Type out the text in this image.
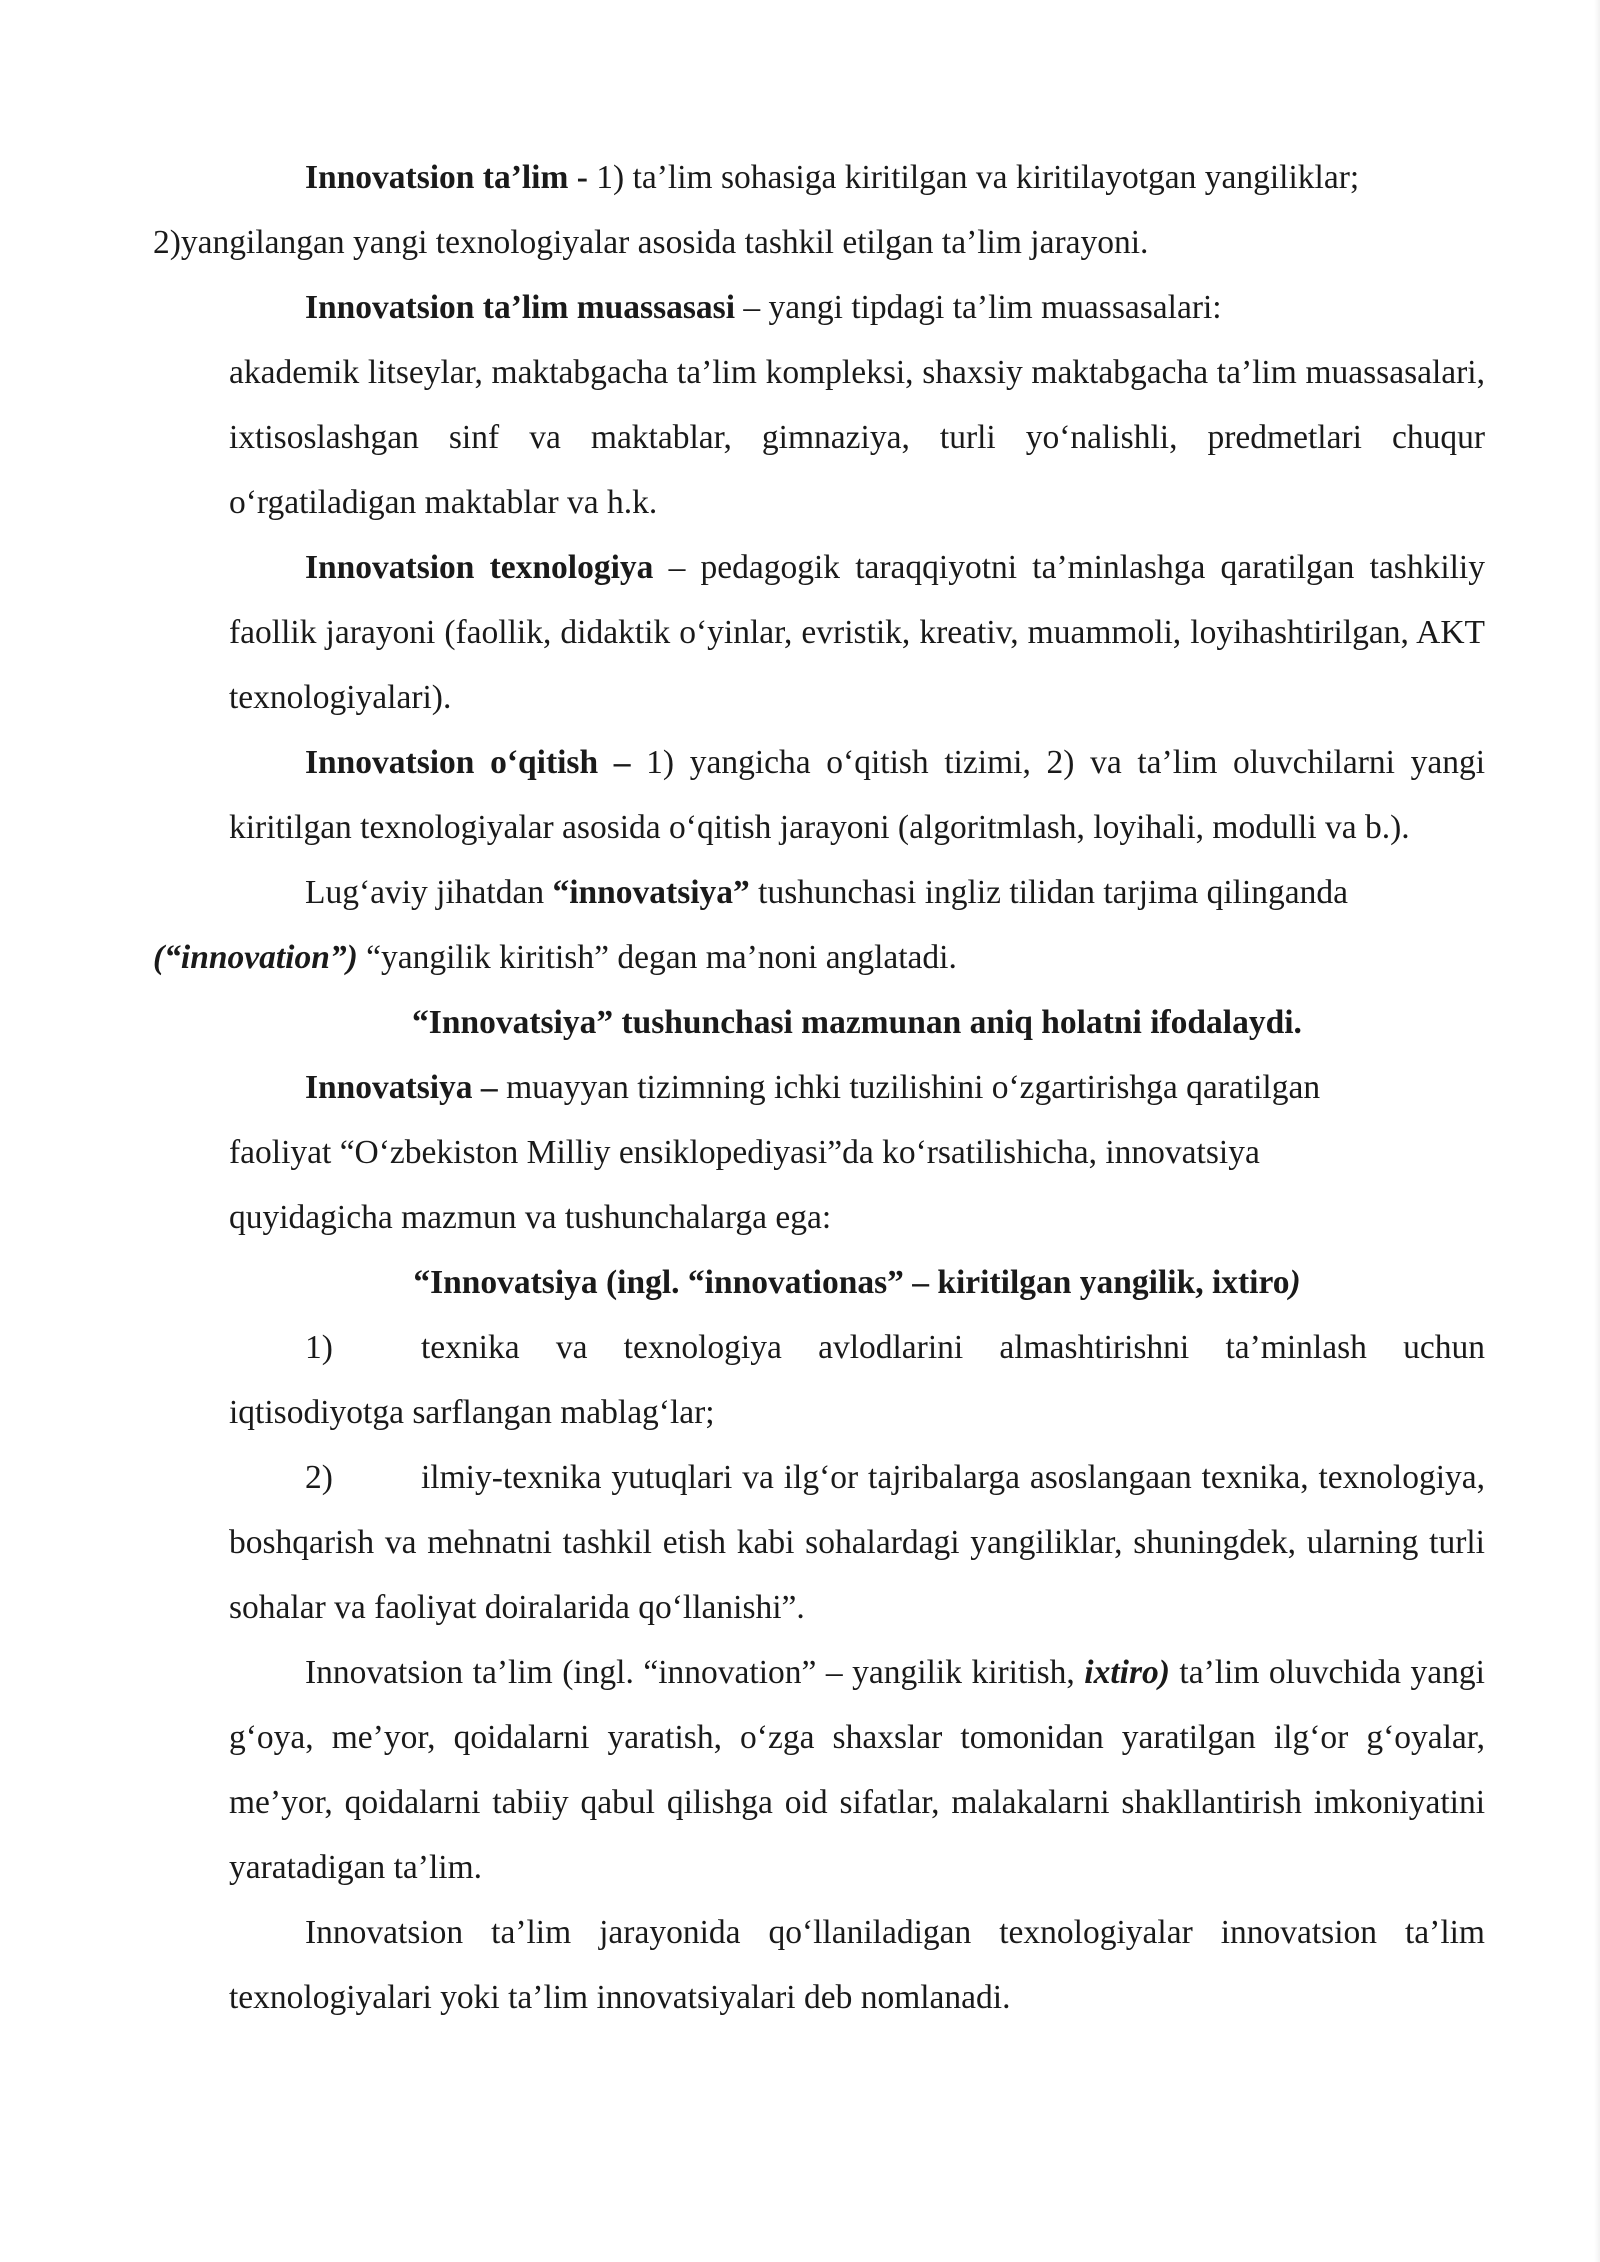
Innovatsion ta’lim - 1) ta’lim sohasiga kiritilgan va kiritilayotgan yangiliklar;
2)yangilangan yangi texnologiyalar asosida tashkil etilgan ta’lim jarayoni.

Innovatsion ta’lim muassasasi – yangi tipdagi ta’lim muassasalari:

akademik litseylar, maktabgacha ta’lim kompleksi, shaxsiy maktabgacha ta’lim muassasalari, ixtisoslashgan sinf va maktablar, gimnaziya, turli yo‘nalishli, predmetlari chuqur o‘rgatiladigan maktablar va h.k.

Innovatsion texnologiya – pedagogik taraqqiyotni ta’minlashga qaratilgan tashkiliy faollik jarayoni (faollik, didaktik o‘yinlar, evristik, kreativ, muammoli, loyihashtirilgan, AKT texnologiyalari).

Innovatsion o‘qitish – 1) yangicha o‘qitish tizimi, 2) va ta’lim oluvchilarni yangi kiritilgan texnologiyalar asosida o‘qitish jarayoni (algoritmlash, loyihali, modulli va b.).

Lug‘aviy jihatdan “innovatsiya” tushunchasi ingliz tilidan tarjima qilinganda
(“innovation”) “yangilik kiritish” degan ma’noni anglatadi.

“Innovatsiya” tushunchasi mazmunan aniq holatni ifodalaydi.

Innovatsiya – muayyan tizimning ichki tuzilishini o‘zgartirishga qaratilgan

faoliyat “O‘zbekiston Milliy ensiklopediyasi”da ko‘rsatilishicha, innovatsiya

quyidagicha mazmun va tushunchalarga ega:

“Innovatsiya (ingl. “innovationas” – kiritilgan yangilik, ixtiro)

1)	texnika va texnologiya avlodlarini almashtirishni ta’minlash uchun iqtisodiyotga sarflangan mablag‘lar;

2)	ilmiy-texnika yutuqlari va ilg‘or tajribalarga asoslangaan texnika, texnologiya, boshqarish va mehnatni tashkil etish kabi sohalardagi yangiliklar, shuningdek, ularning turli sohalar va faoliyat doiralarida qo‘llanishi”.

Innovatsion ta’lim (ingl. “innovation” – yangilik kiritish, ixtiro) ta’lim oluvchida yangi g‘oya, me’yor, qoidalarni yaratish, o‘zga shaxslar tomonidan yaratilgan ilg‘or g‘oyalar, me’yor, qoidalarni tabiiy qabul qilishga oid sifatlar, malakalarni shakllantirish imkoniyatini yaratadigan ta’lim.

Innovatsion ta’lim jarayonida qo‘llaniladigan texnologiyalar innovatsion ta’lim texnologiyalari yoki ta’lim innovatsiyalari deb nomlanadi.
